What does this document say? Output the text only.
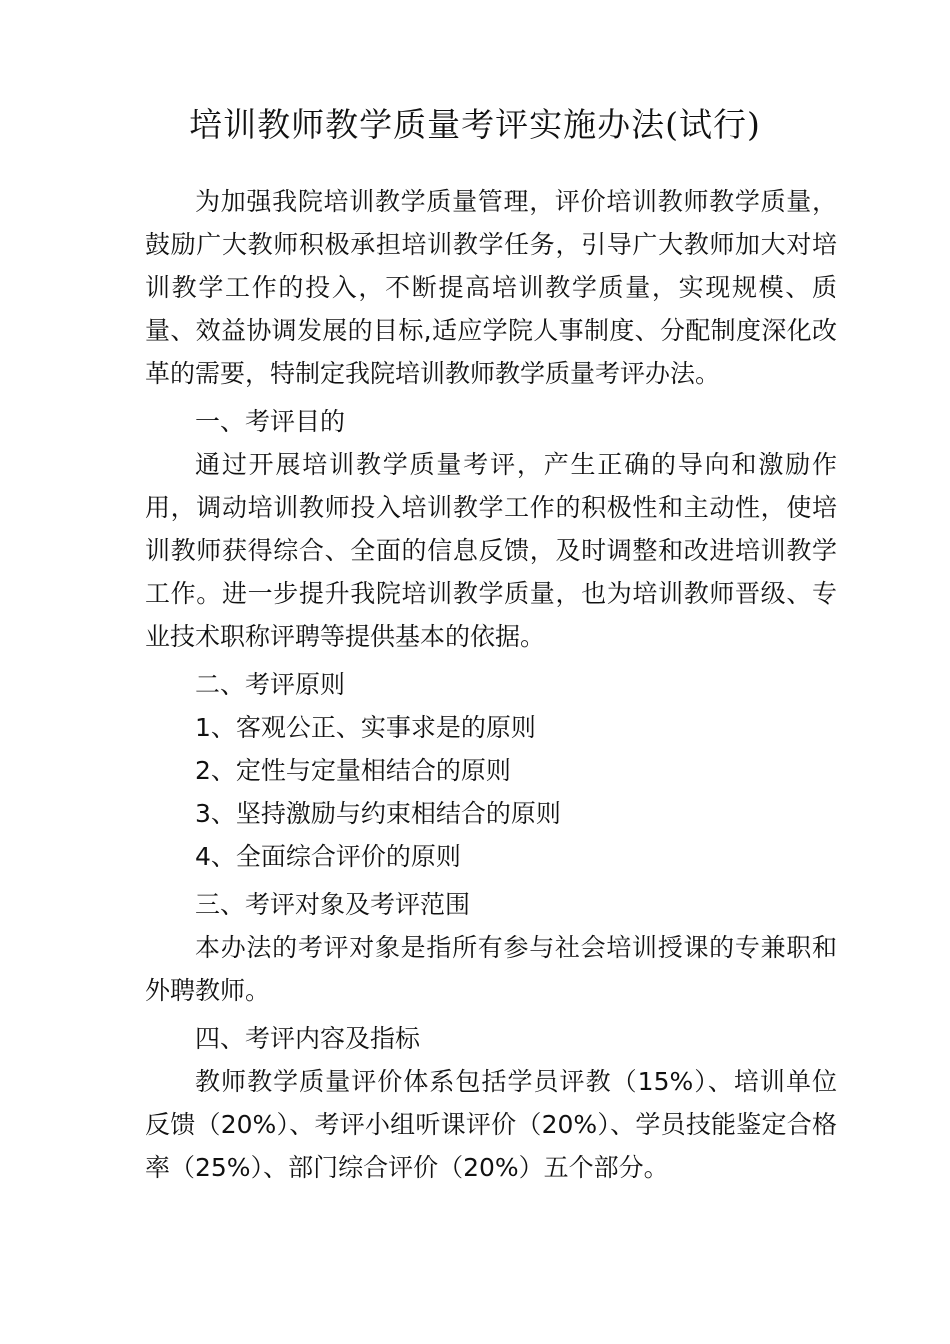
培训教师教学质量考评实施办法(试行)

为加强我院培训教学质量管理，评价培训教师教学质量，鼓励广大教师积极承担培训教学任务，引导广大教师加大对培训教学工作的投入，不断提高培训教学质量，实现规模、质量、效益协调发展的目标,适应学院人事制度、分配制度深化改革的需要，特制定我院培训教师教学质量考评办法。

一、考评目的

通过开展培训教学质量考评，产生正确的导向和激励作用，调动培训教师投入培训教学工作的积极性和主动性，使培训教师获得综合、全面的信息反馈，及时调整和改进培训教学工作。进一步提升我院培训教学质量，也为培训教师晋级、专业技术职称评聘等提供基本的依据。

二、考评原则

1、客观公正、实事求是的原则

2、定性与定量相结合的原则

3、坚持激励与约束相结合的原则

4、全面综合评价的原则

三、考评对象及考评范围

本办法的考评对象是指所有参与社会培训授课的专兼职和外聘教师。

四、考评内容及指标

教师教学质量评价体系包括学员评教（15%）、培训单位反馈（20%）、考评小组听课评价（20%）、学员技能鉴定合格率（25%）、部门综合评价（20%）五个部分。
